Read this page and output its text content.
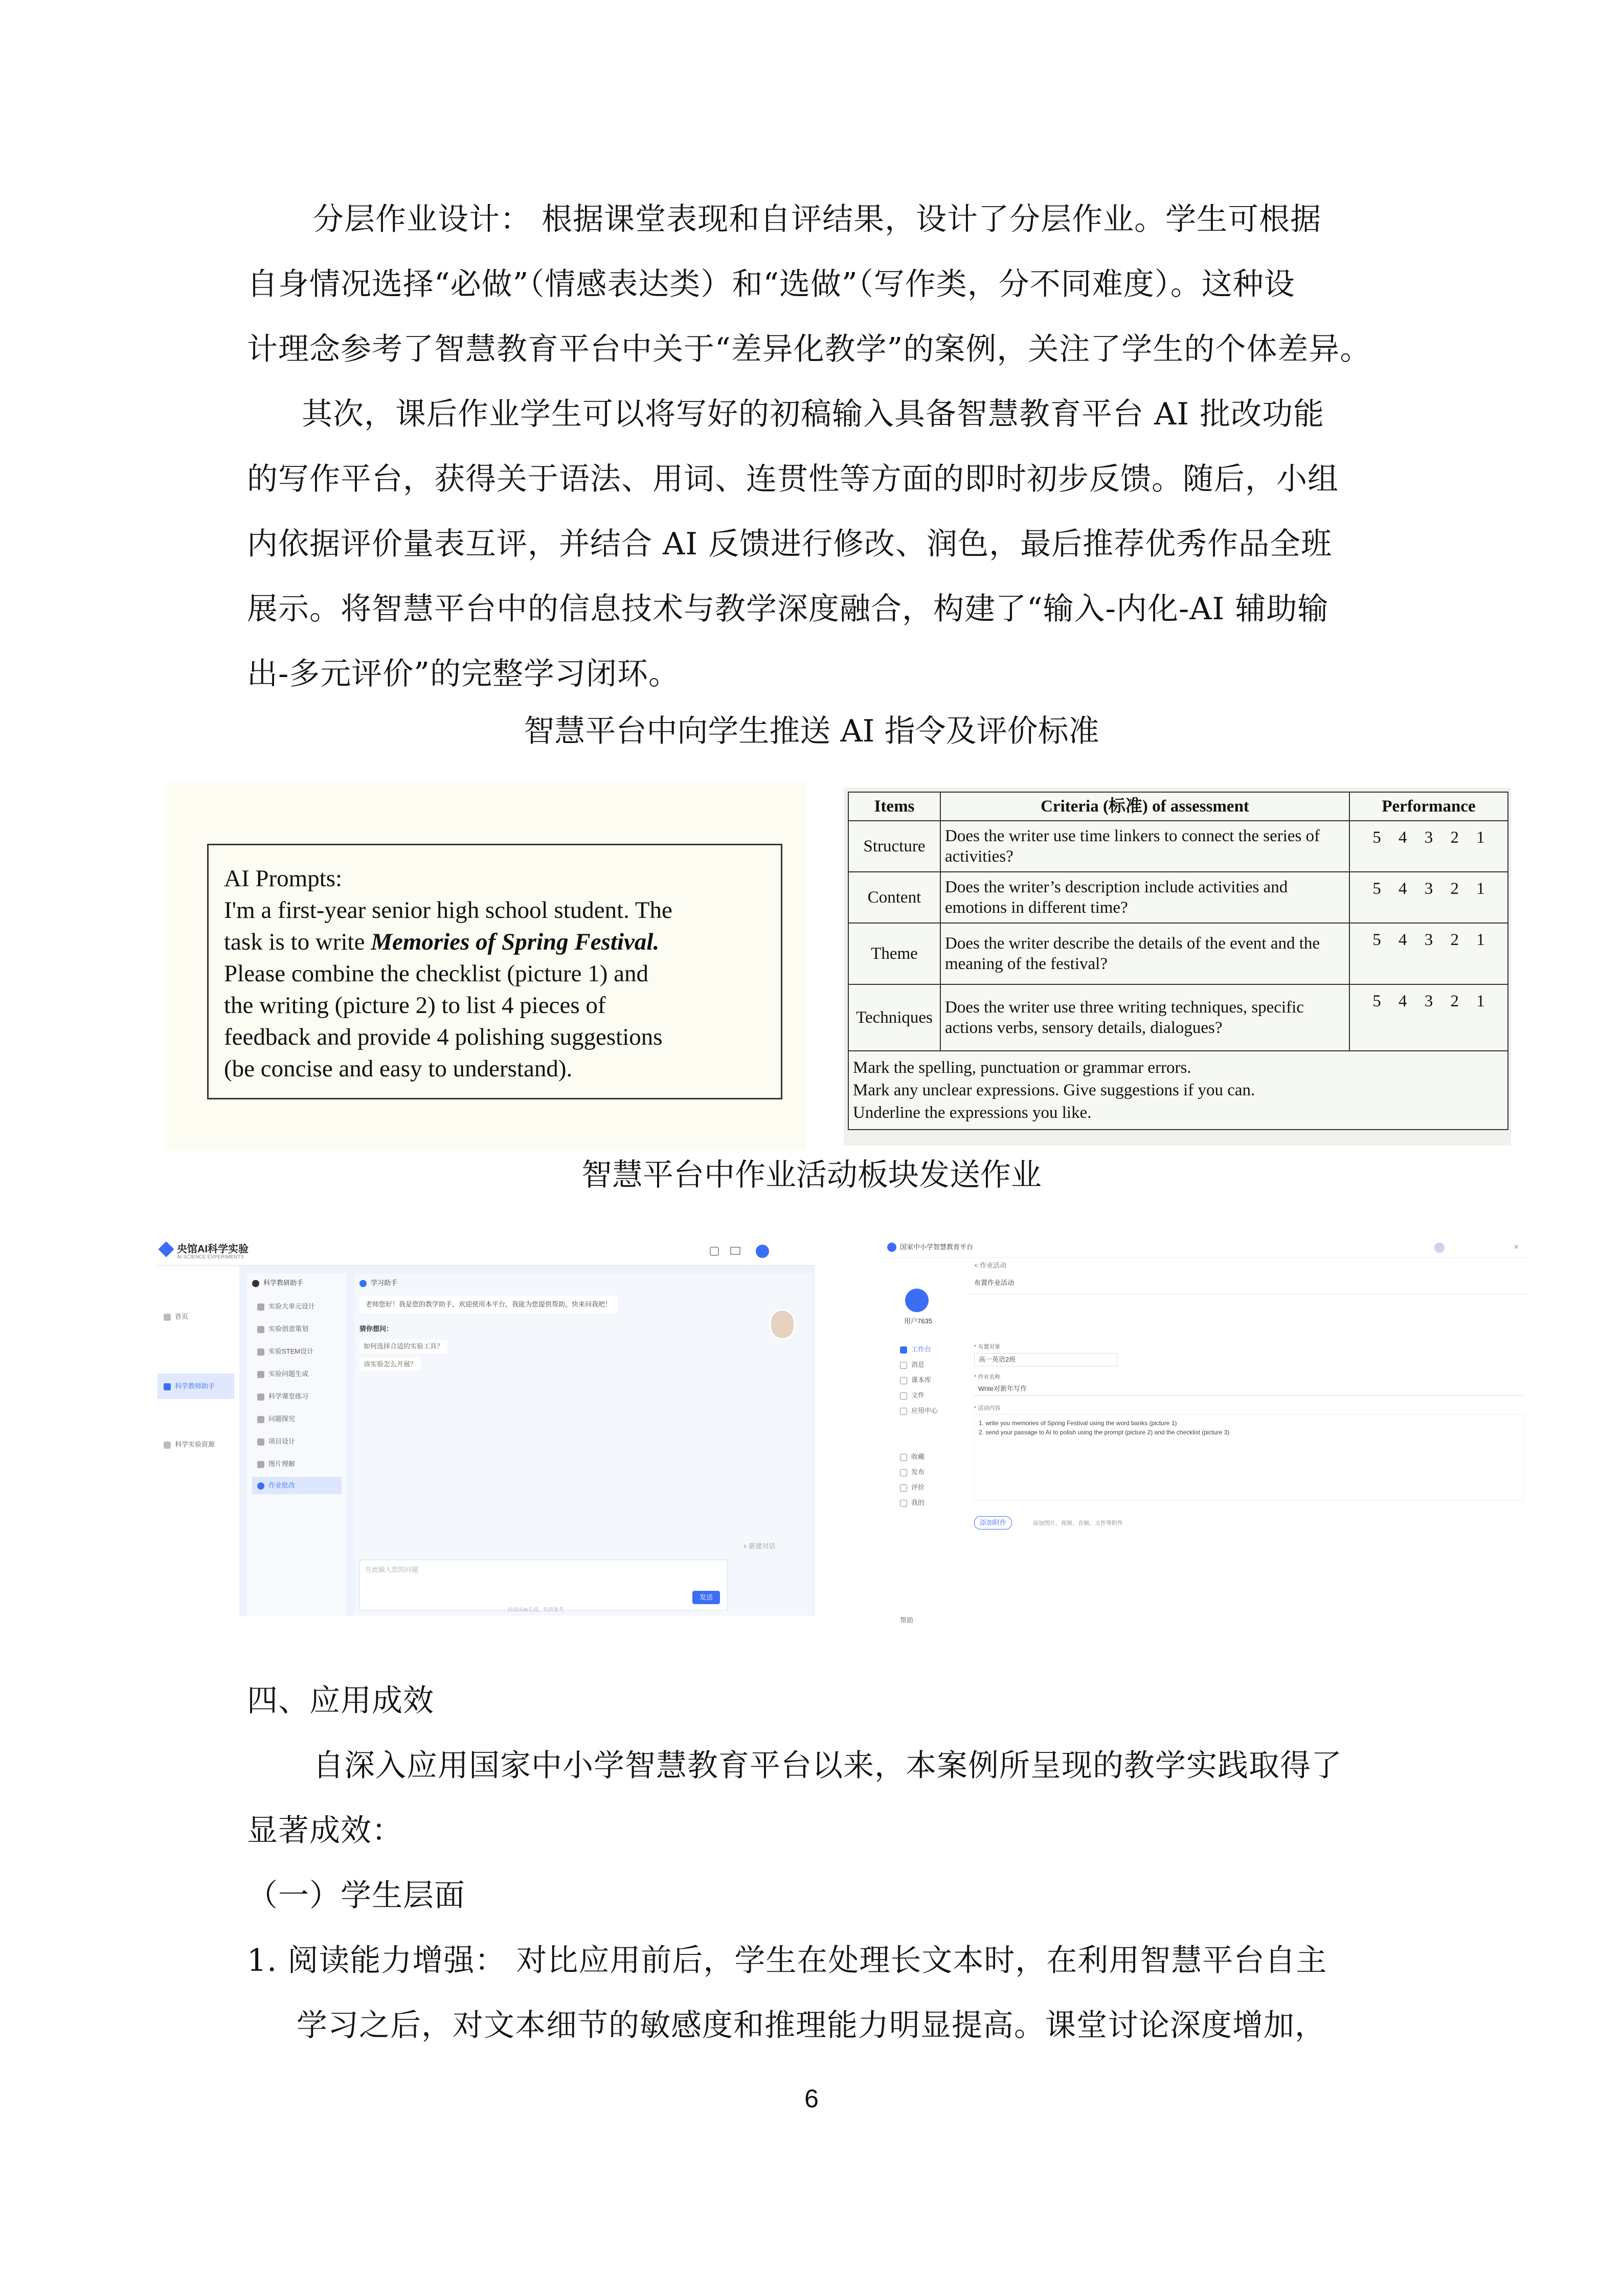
分层作业设计： 根据课堂表现和自评结果，设计了分层作业。学生可根据
自身情况选择“必做”（情感表达类）和“选做”（写作类，分不同难度）。这种设
计理念参考了智慧教育平台中关于“差异化教学”的案例，关注了学生的个体差异。
其次，课后作业学生可以将写好的初稿输入具备智慧教育平台 AI 批改功能
的写作平台，获得关于语法、用词、连贯性等方面的即时初步反馈。随后，小组
内依据评价量表互评，并结合 AI 反馈进行修改、润色，最后推荐优秀作品全班
展示。将智慧平台中的信息技术与教学深度融合，构建了“输入-内化-AI 辅助输
出-多元评价”的完整学习闭环。
智慧平台中向学生推送 AI 指令及评价标准
AI Prompts:
I'm a first-year senior high school student. The
task is to write Memories of Spring Festival.
Please combine the checklist (picture 1) and
the writing (picture 2) to list 4 pieces of
feedback and provide 4 polishing suggestions
(be concise and easy to understand).
Items	Criteria (标准) of assessment	Performance
Structure	Does the writer use time linkers to connect the series of activities?	5 4 3 2 1
Content	Does the writer’s description include activities and emotions in different time?	5 4 3 2 1
Theme	Does the writer describe the details of the event and the meaning of the festival?	5 4 3 2 1
Techniques	Does the writer use three writing techniques, specific actions verbs, sensory details, dialogues?	5 4 3 2 1

Mark the spelling, punctuation or grammar errors.
Mark any unclear expressions. Give suggestions if you can.
Underline the expressions you like.		
智慧平台中作业活动板块发送作业
央馆AI科学实验
AI SCIENCE EXPERIMENTS
首页
科学教师助手
科学实验资源
科学教研助手
实验大单元设计
实验创意策划
实验STEM设计
实验问题生成
科学课堂练习
问题探究
项目设计
图片理解
作业批改
学习助手
老师您好！我是您的教学助手，欢迎使用本平台，我能为您提供帮助，快来问我吧！
猜你想问：
如何选择合适的实验工具？
该实验怎么开展？
+ 新建对话
在此输入您的问题
发送
内容由AI生成，仅供参考
国家中小学智慧教育平台	✕
用户7635
工作台
消息
课本库
文件
应用中心
收藏
发布
评价
我的
帮助
< 作业活动
布置作业活动
* 布置对象
高一英语2班
* 作业名称
Write对新年写作
* 活动内容
1. write you memories of Spring Festival using the word banks (picture 1)
2. send your passage to AI to polish using the prompt (picture 2) and the checklist (picture 3)
添加附件	添加图片、视频、音频、文件等附件
四、应用成效
自深入应用国家中小学智慧教育平台以来，本案例所呈现的教学实践取得了
显著成效：
（一）学生层面
1. 阅读能力增强： 对比应用前后，学生在处理长文本时，在利用智慧平台自主
学习之后，对文本细节的敏感度和推理能力明显提高。课堂讨论深度增加，
6
